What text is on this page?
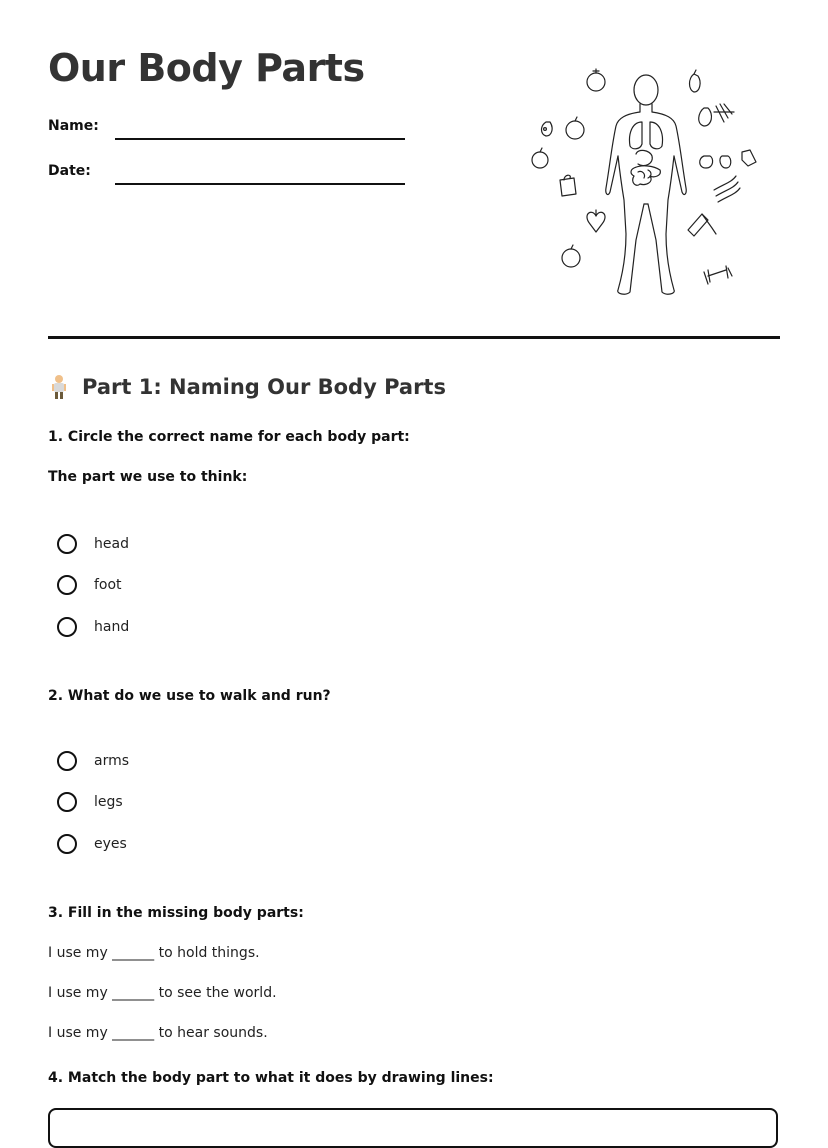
Our Body Parts
Name:
Date:
Part 1: Naming Our Body Parts

1. Circle the correct name for each body part:

The part we use to think:

head
foot
hand

2. What do we use to walk and run?

arms
legs
eyes

3. Fill in the missing body parts:

I use my ______ to hold things.

I use my ______ to see the world.

I use my ______ to hear sounds.

4. Match the body part to what it does by drawing lines:
